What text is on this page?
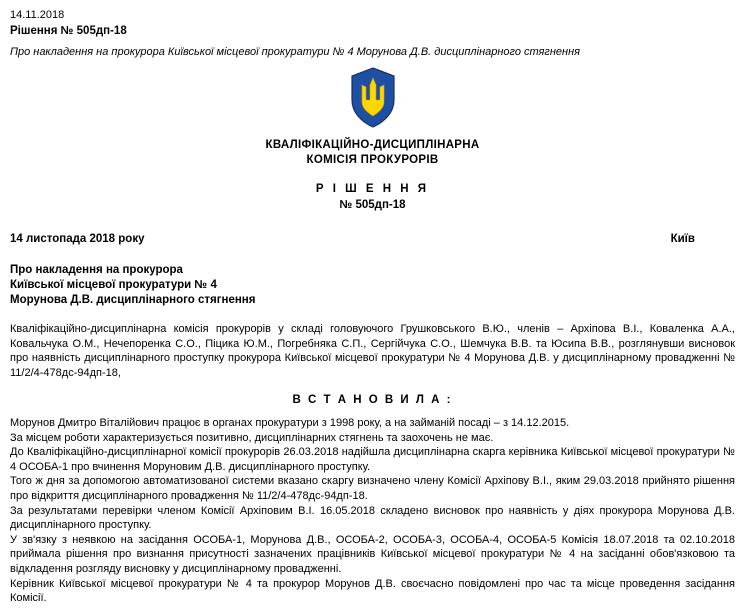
14.11.2018
Рішення № 505дп-18
Про накладення на прокурора Київської місцевої прокуратури № 4 Морунова Д.В. дисциплінарного стягнення
КВАЛІФІКАЦІЙНО-ДИСЦИПЛІНАРНА
КОМІСІЯ ПРОКУРОРІВ
Р І Ш Е Н Н Я
№ 505дп-18
14 листопада 2018 року	Київ
Про накладення на прокурора
Київської місцевої прокуратури № 4
Морунова Д.В. дисциплінарного стягнення
Кваліфікаційно-дисциплінарна комісія прокурорів у складі головуючого Грушковського В.Ю., членів – Архіпова В.І., Коваленка А.А., Ковальчука О.М., Нечепоренка С.О., Піцика Ю.М., Погребняка С.П., Сергійчука С.О., Шемчука В.В. та Юсипа В.В., розглянувши висновок про наявність дисциплінарного проступку прокурора Київської місцевої прокуратури № 4 Морунова Д.В. у дисциплінарному провадженні № 11/2/4-478дс-94дп-18,
В С Т А Н О В И Л А :
Морунов Дмитро Віталійович працює в органах прокуратури з 1998 року, а на займаній посаді – з 14.12.2015.
За місцем роботи характеризується позитивно, дисциплінарних стягнень та заохочень не має.
До Кваліфікаційно-дисциплінарної комісії прокурорів 26.03.2018 надійшла дисциплінарна скарга керівника Київської місцевої прокуратури № 4 ОСОБА-1 про вчинення Моруновим Д.В. дисциплінарного проступку.
Того ж дня за допомогою автоматизованої системи вказано скаргу визначено члену Комісії Архіпову В.І., яким 29.03.2018 прийнято рішення про відкриття дисциплінарного провадження № 11/2/4-478дс-94дп-18.
За результатами перевірки членом Комісії Архіповим В.І. 16.05.2018 складено висновок про наявність у діях прокурора Морунова Д.В. дисциплінарного проступку.
У зв'язку з неявкою на засідання ОСОБА-1, Морунова Д.В., ОСОБА-2, ОСОБА-3, ОСОБА-4, ОСОБА-5 Комісія 18.07.2018 та 02.10.2018 приймала рішення про визнання присутності зазначених працівників Київської місцевої прокуратури № 4 на засіданні обов'язковою та відкладення розгляду висновку у дисциплінарному провадженні.
Керівник Київської місцевої прокуратури № 4 та прокурор Морунов Д.В. своєчасно повідомлені про час та місце проведення засідання Комісії.
